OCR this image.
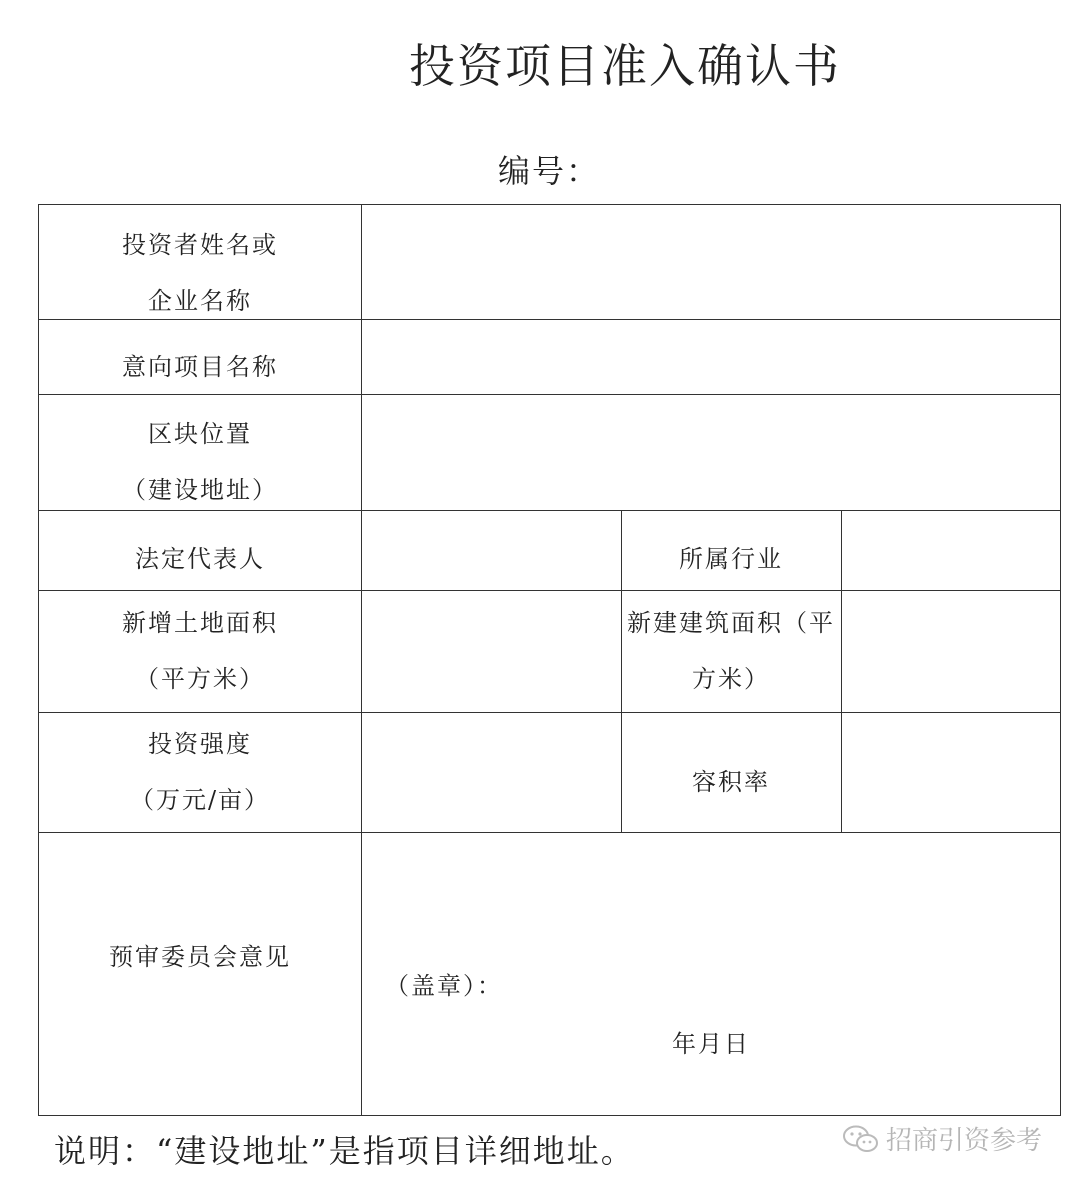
投资项目准入确认书
编号：
投资者姓名或
企业名称
意向项目名称
区块位置
（建设地址）
法定代表人	所属行业
新增土地面积
（平方米）
新建建筑面积（平
方米）
投资强度
（万元/亩）
容积率
预审委员会意见
（盖章）：
年月日
说明：“建设地址”是指项目详细地址。	招商引资参考
